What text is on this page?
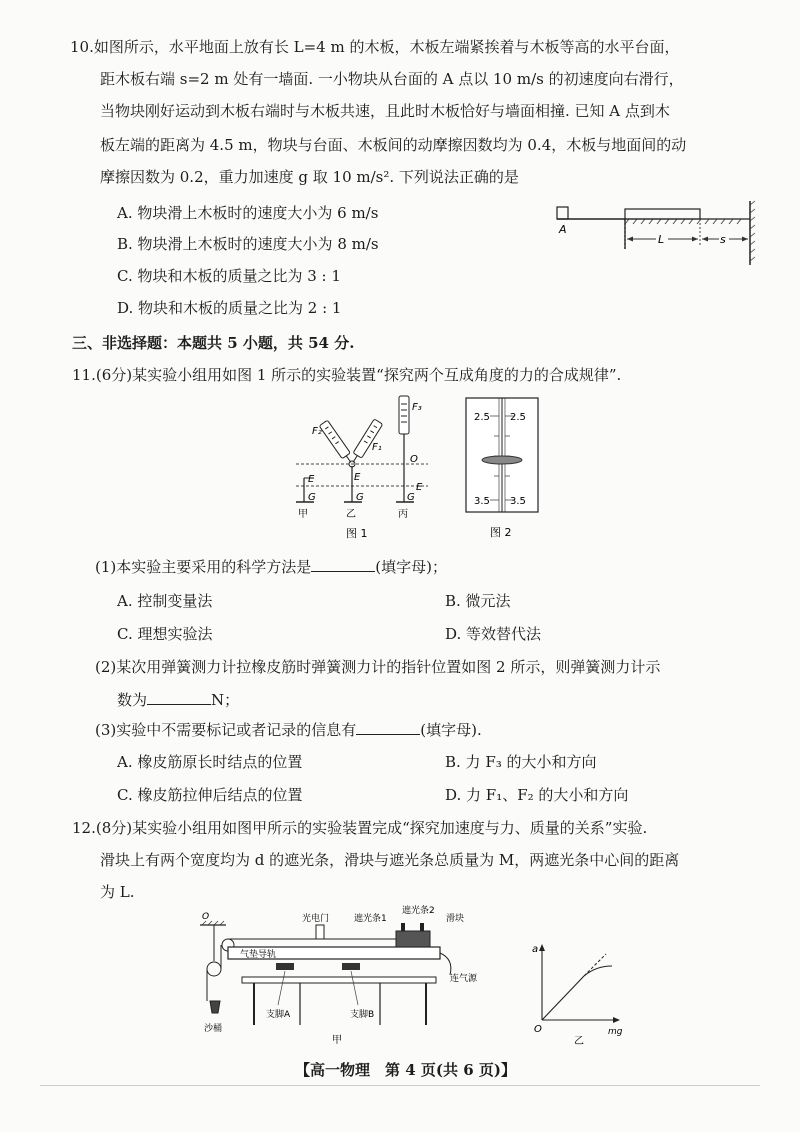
10.如图所示，水平地面上放有长 L=4 m 的木板，木板左端紧挨着与木板等高的水平台面，
距木板右端 s=2 m 处有一墙面. 一小物块从台面的 A 点以 10 m/s 的初速度向右滑行，
当物块刚好运动到木板右端时与木板共速，且此时木板恰好与墙面相撞. 已知 A 点到木
板左端的距离为 4.5 m，物块与台面、木板间的动摩擦因数均为 0.4，木板与地面间的动
摩擦因数为 0.2，重力加速度 g 取 10 m/s². 下列说法正确的是
A. 物块滑上木板时的速度大小为 6 m/s
B. 物块滑上木板时的速度大小为 8 m/s
C. 物块和木板的质量之比为 3 : 1
D. 物块和木板的质量之比为 2 : 1
A
L	s
三、非选择题：本题共 5 小题，共 54 分.
11.(6分)某实验小组用如图 1 所示的实验装置“探究两个互成角度的力的合成规律”.
F₂
F₁
F₃
O
E	E
E
G	G	G
甲	乙	丙
图 1
2.5 2.5
3.5 3.5
图 2
(1)本实验主要采用的科学方法是	(填字母)；
A. 控制变量法	B. 微元法
C. 理想实验法	D. 等效替代法
(2)某次用弹簧测力计拉橡皮筋时弹簧测力计的指针位置如图 2 所示，则弹簧测力计示
数为	N；
(3)实验中不需要标记或者记录的信息有	(填字母).
A. 橡皮筋原长时结点的位置	B. 力 F₃ 的大小和方向
C. 橡皮筋拉伸后结点的位置	D. 力 F₁、F₂ 的大小和方向
12.(8分)某实验小组用如图甲所示的实验装置完成“探究加速度与力、质量的关系”实验.
滑块上有两个宽度均为 d 的遮光条，滑块与遮光条总质量为 M，两遮光条中心间的距离
为 L.
O
沙桶
气垫导轨
光电门	遮光条1
遮光条2
滑块
连气源
支脚A	支脚B
甲
a
mg
O
乙
【高一物理　第 4 页(共 6 页)】
